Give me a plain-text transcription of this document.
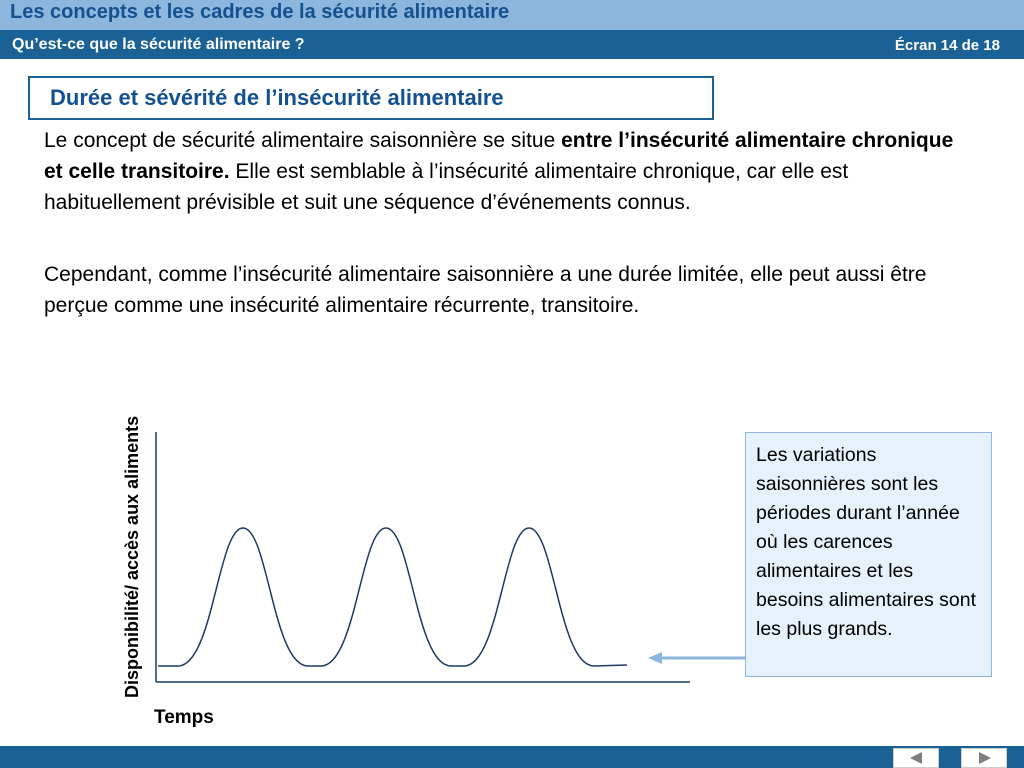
Les concepts et les cadres de la sécurité alimentaire
Qu’est-ce que la sécurité alimentaire ?	Écran 14 de 18
Durée et sévérité de l’insécurité alimentaire

Le concept de sécurité alimentaire saisonnière se situe entre l’insécurité alimentaire chronique et celle transitoire. Elle est semblable à l’insécurité alimentaire chronique, car elle est habituellement prévisible et suit une séquence d’événements connus.

Cependant, comme l’insécurité alimentaire saisonnière a une durée limitée, elle peut aussi être perçue comme une insécurité alimentaire récurrente, transitoire.

Disponibilité/ accès aux aliments
Temps

Les variations saisonnières sont les périodes durant l’année où les carences alimentaires et les besoins alimentaires sont les plus grands.
